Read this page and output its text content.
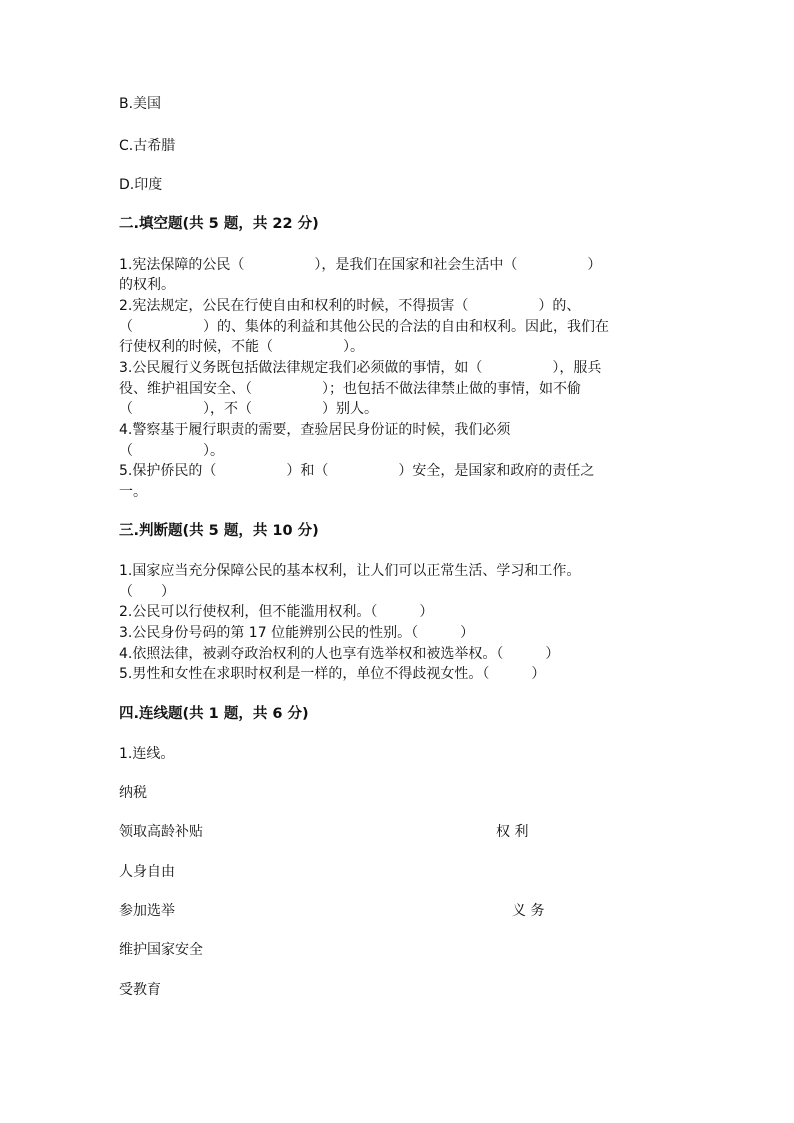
B.美国
C.古希腊
D.印度
二.填空题(共 5 题，共 22 分)
1.宪法保障的公民（　　　　　），是我们在国家和社会生活中（　　　　　）
的权利。
2.宪法规定，公民在行使自由和权利的时候，不得损害（　　　　　）的、
（　　　　　）的、集体的利益和其他公民的合法的自由和权利。因此，我们在
行使权利的时候，不能（　　　　　）。
3.公民履行义务既包括做法律规定我们必须做的事情，如（　　　　　），服兵
役、维护祖国安全、（　　　　　）；也包括不做法律禁止做的事情，如不偷
（　　　　　），不（　　　　　）别人。
4.警察基于履行职责的需要，查验居民身份证的时候，我们必须
（　　　　　）。
5.保护侨民的（　　　　　）和（　　　　　）安全，是国家和政府的责任之
一。
三.判断题(共 5 题，共 10 分)
1.国家应当充分保障公民的基本权利，让人们可以正常生活、学习和工作。
（　　）
2.公民可以行使权利，但不能滥用权利。（　　　）
3.公民身份号码的第 17 位能辨别公民的性别。（　　　）
4.依照法律，被剥夺政治权利的人也享有选举权和被选举权。（　　　）
5.男性和女性在求职时权利是一样的，单位不得歧视女性。（　　　）
四.连线题(共 1 题，共 6 分)
1.连线。
纳税
领取高龄补贴
人身自由
参加选举
维护国家安全
受教育
权 利
义 务
